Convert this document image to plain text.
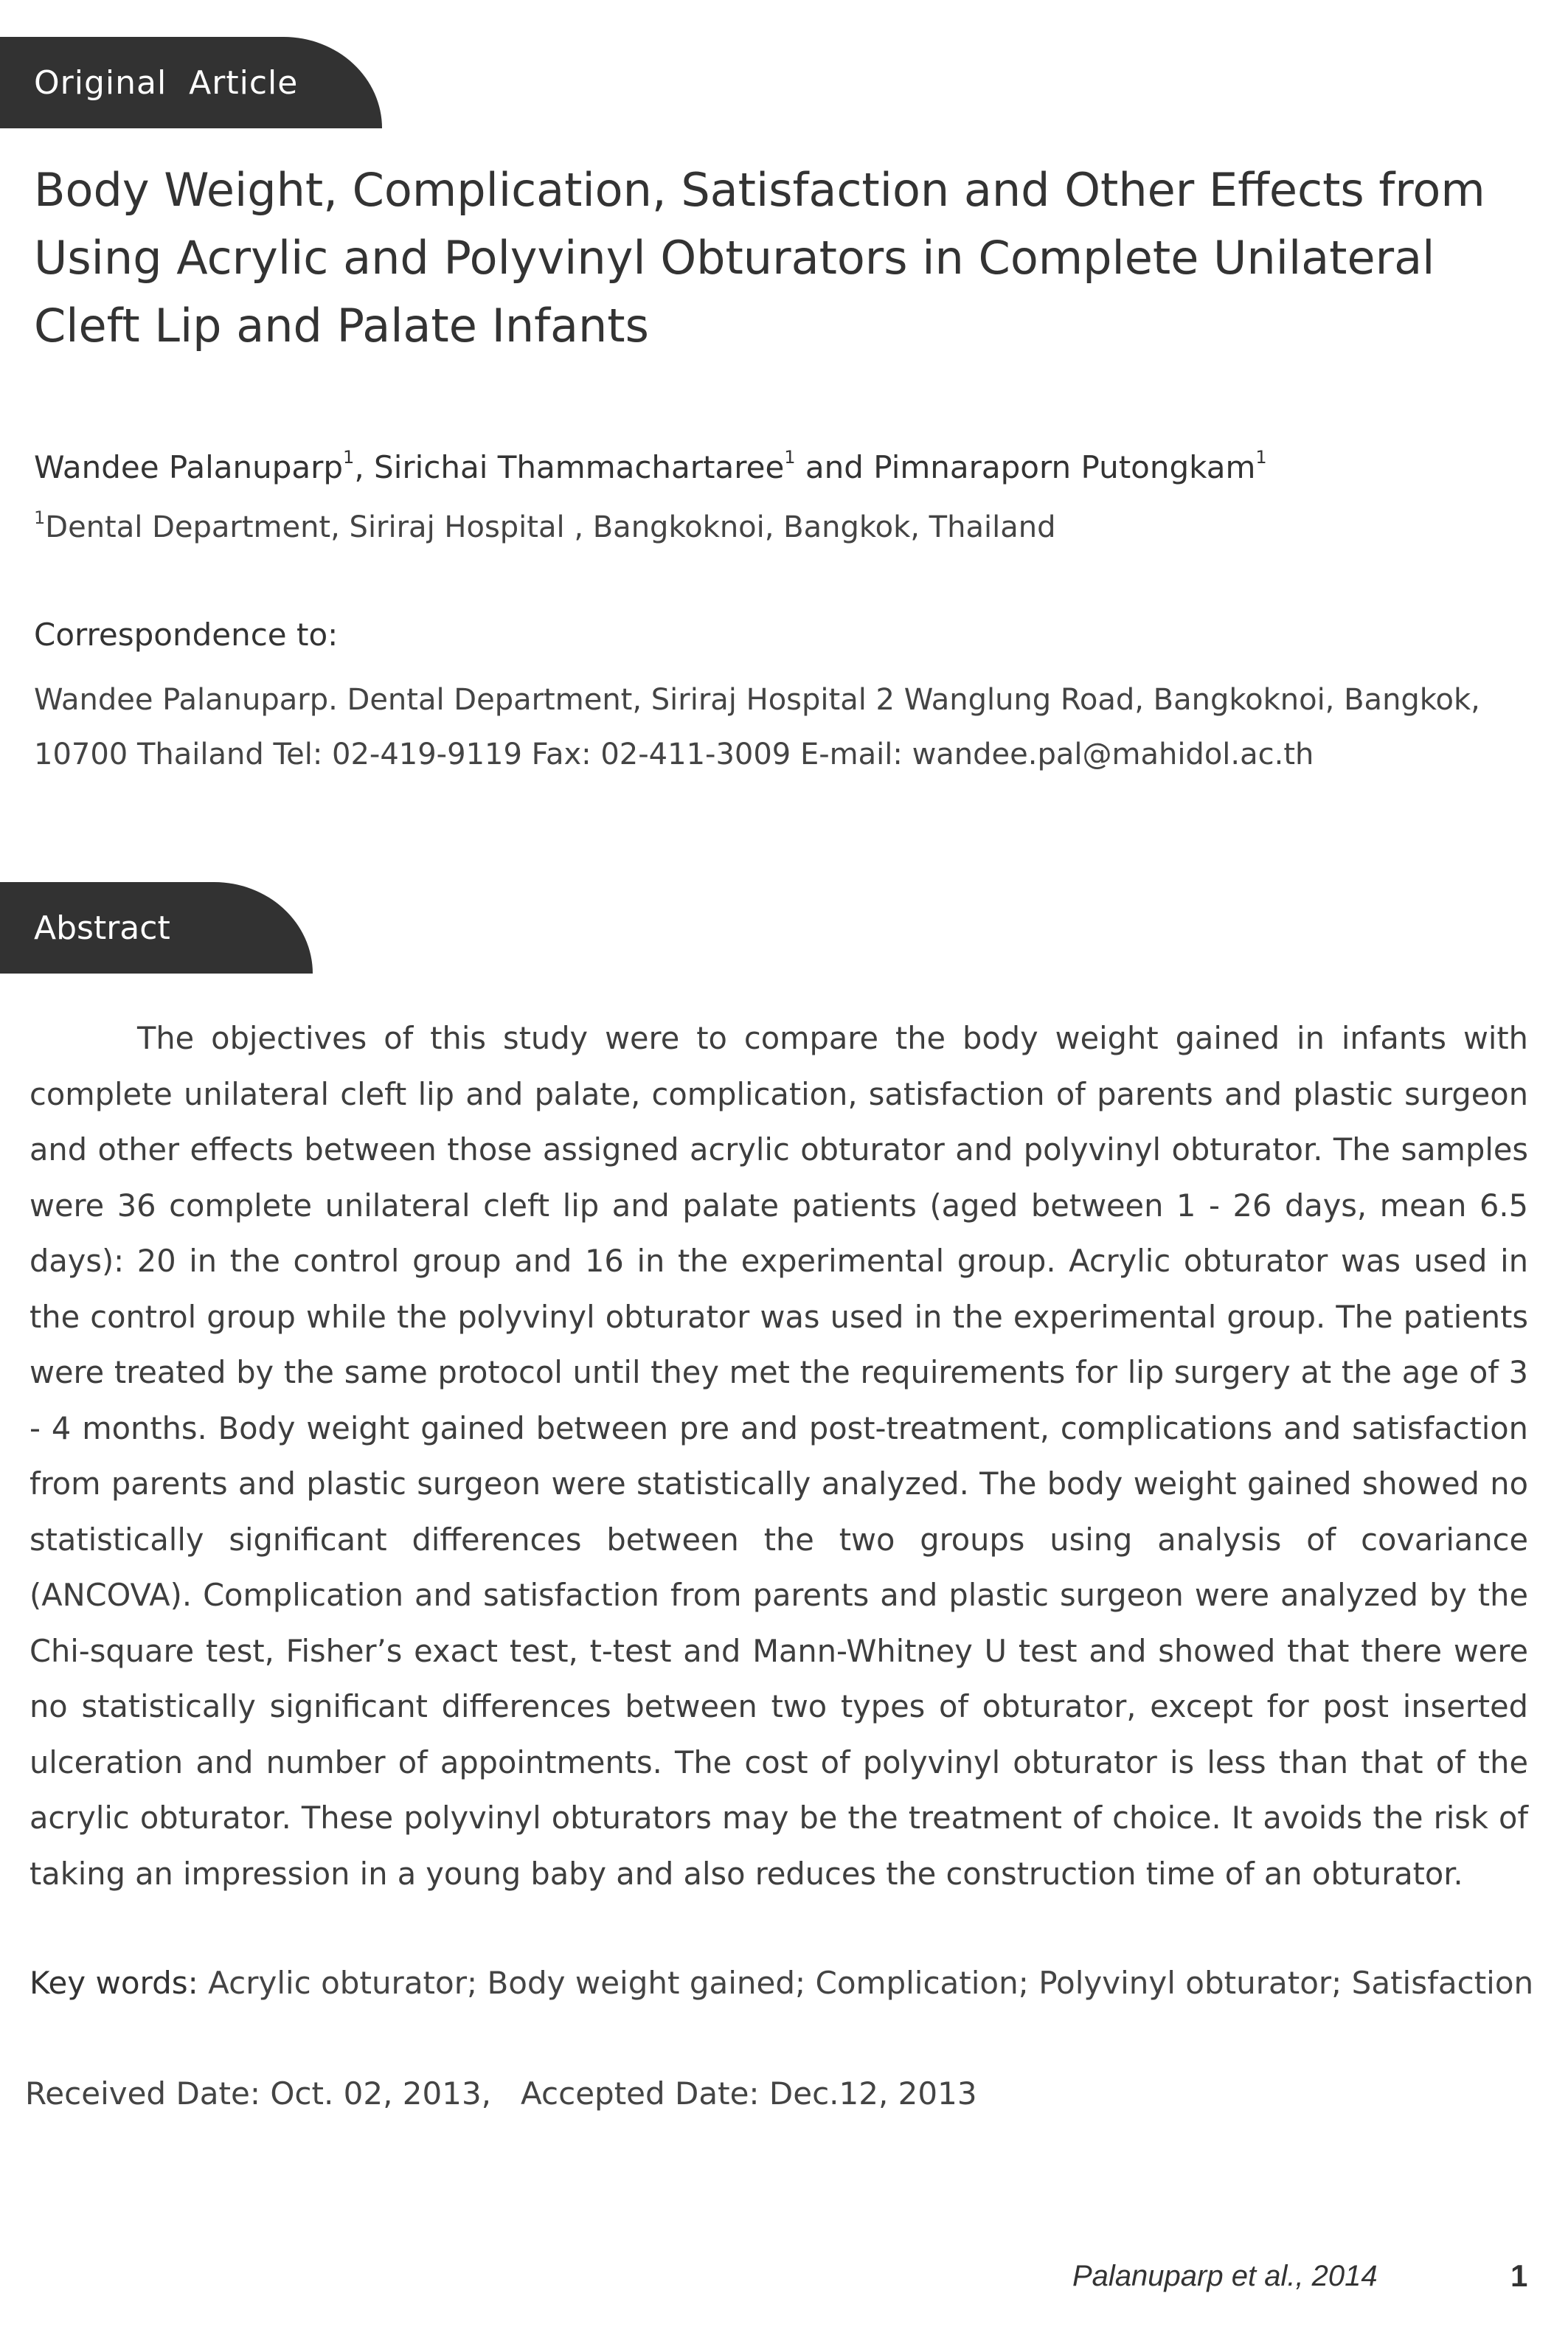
Original  Article
Body Weight, Complication, Satisfaction and Other Effects from Using Acrylic and Polyvinyl Obturators in Complete Unilateral Cleft Lip and Palate Infants
Wandee Palanuparp$^1$, Sirichai Thammachartaree$^1$ and Pimnaraporn Putongkam$^1$
$^1$Dental Department, Siriraj Hospital , Bangkoknoi, Bangkok, Thailand
Correspondence to:
Wandee Palanuparp. Dental Department, Siriraj Hospital 2 Wanglung Road, Bangkoknoi, Bangkok, 10700 Thailand Tel: 02-419-9119 Fax: 02-411-3009 E-mail: wandee.pal@mahidol.ac.th
Abstract

The objectives of this study were to compare the body weight gained in infants with complete unilateral cleft lip and palate, complication, satisfaction of parents and plastic surgeon and other effects between those assigned acrylic obturator and polyvinyl obturator. The samples were 36 complete unilateral cleft lip and palate patients (aged between 1 - 26 days, mean 6.5 days): 20 in the control group and 16 in the experimental group. Acrylic obturator was used in the control group while the polyvinyl obturator was used in the experimental group. The patients were treated by the same protocol until they met the requirements for lip surgery at the age of 3 - 4 months. Body weight gained between pre and post-treatment, complications and satisfaction from parents and plastic surgeon were statistically analyzed. The body weight gained showed no statistically significant differences between the two groups using analysis of covariance (ANCOVA). Complication and satisfaction from parents and plastic surgeon were analyzed by the Chi-square test, Fisher’s exact test, t-test and Mann-Whitney U test and showed that there were no statistically significant differences between two types of obturator, except for post inserted ulceration and number of appointments. The cost of polyvinyl obturator is less than that of the acrylic obturator. These polyvinyl obturators may be the treatment of choice. It avoids the risk of taking an impression in a young baby and also reduces the construction time of an obturator.

Key words: Acrylic obturator; Body weight gained; Complication; Polyvinyl obturator; Satisfaction
Received Date: Oct. 02, 2013, Accepted Date: Dec.12, 2013
Palanuparp et al., 2014	1
